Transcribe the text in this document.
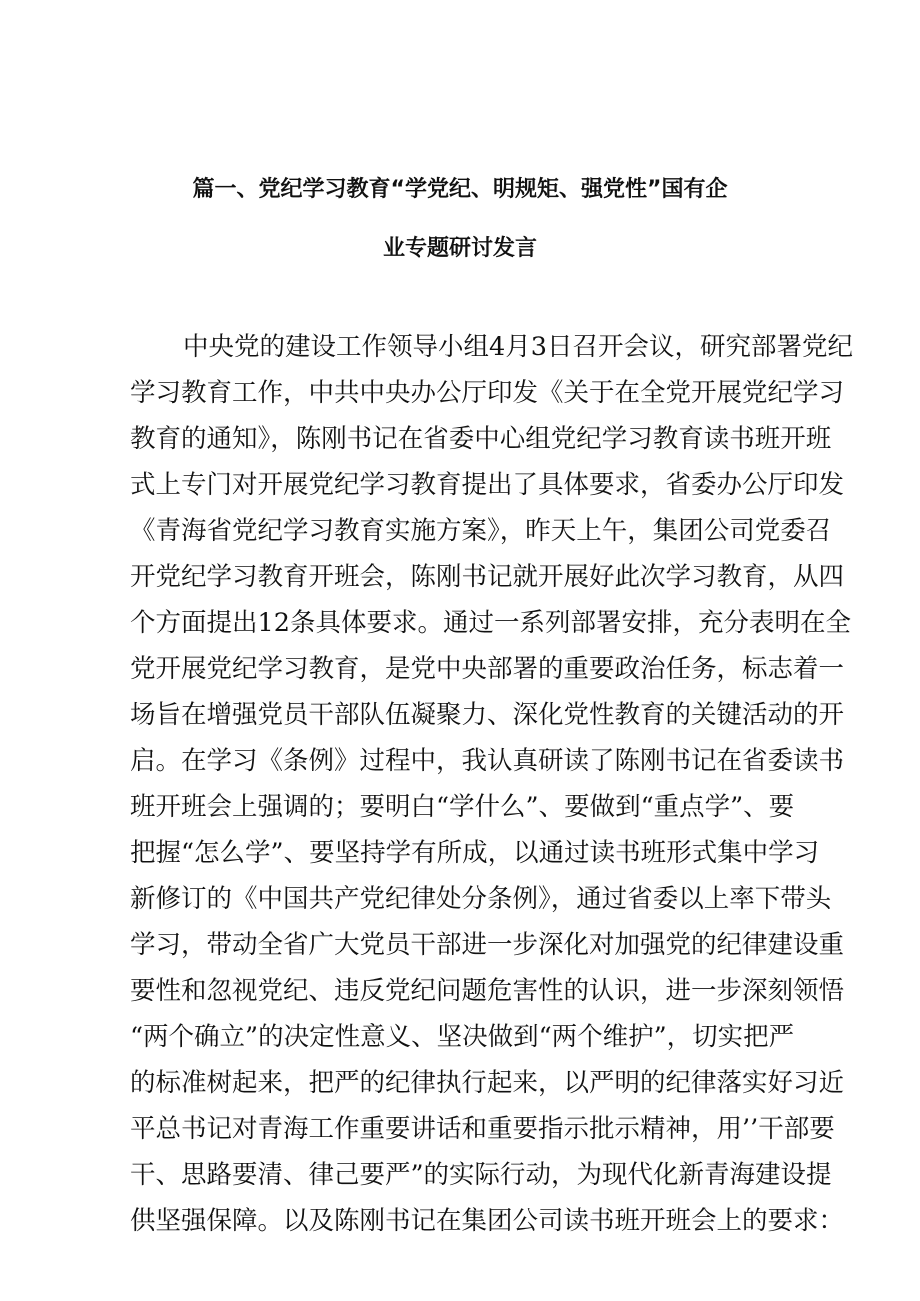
篇一、党纪学习教育“学党纪、明规矩、强党性”国有企
业专题研讨发言
中央党的建设工作领导小组4月3日召开会议，研究部署党纪
学习教育工作，中共中央办公厅印发《关于在全党开展党纪学习
教育的通知》，陈刚书记在省委中心组党纪学习教育读书班开班
式上专门对开展党纪学习教育提出了具体要求，省委办公厅印发
《青海省党纪学习教育实施方案》，昨天上午，集团公司党委召
开党纪学习教育开班会，陈刚书记就开展好此次学习教育，从四
个方面提出12条具体要求。通过一系列部署安排，充分表明在全
党开展党纪学习教育，是党中央部署的重要政治任务，标志着一
场旨在增强党员干部队伍凝聚力、深化党性教育的关键活动的开
启。在学习《条例》过程中，我认真研读了陈刚书记在省委读书
班开班会上强调的；要明白“学什么”、要做到“重点学”、要
把握“怎么学”、要坚持学有所成，以通过读书班形式集中学习
新修订的《中国共产党纪律处分条例》，通过省委以上率下带头
学习，带动全省广大党员干部进一步深化对加强党的纪律建设重
要性和忽视党纪、违反党纪问题危害性的认识，进一步深刻领悟
“两个确立”的决定性意义、坚决做到“两个维护”，切实把严
的标准树起来，把严的纪律执行起来，以严明的纪律落实好习近
平总书记对青海工作重要讲话和重要指示批示精神，用’’干部要
干、思路要清、律己要严”的实际行动，为现代化新青海建设提
供坚强保障。以及陈刚书记在集团公司读书班开班会上的要求：
